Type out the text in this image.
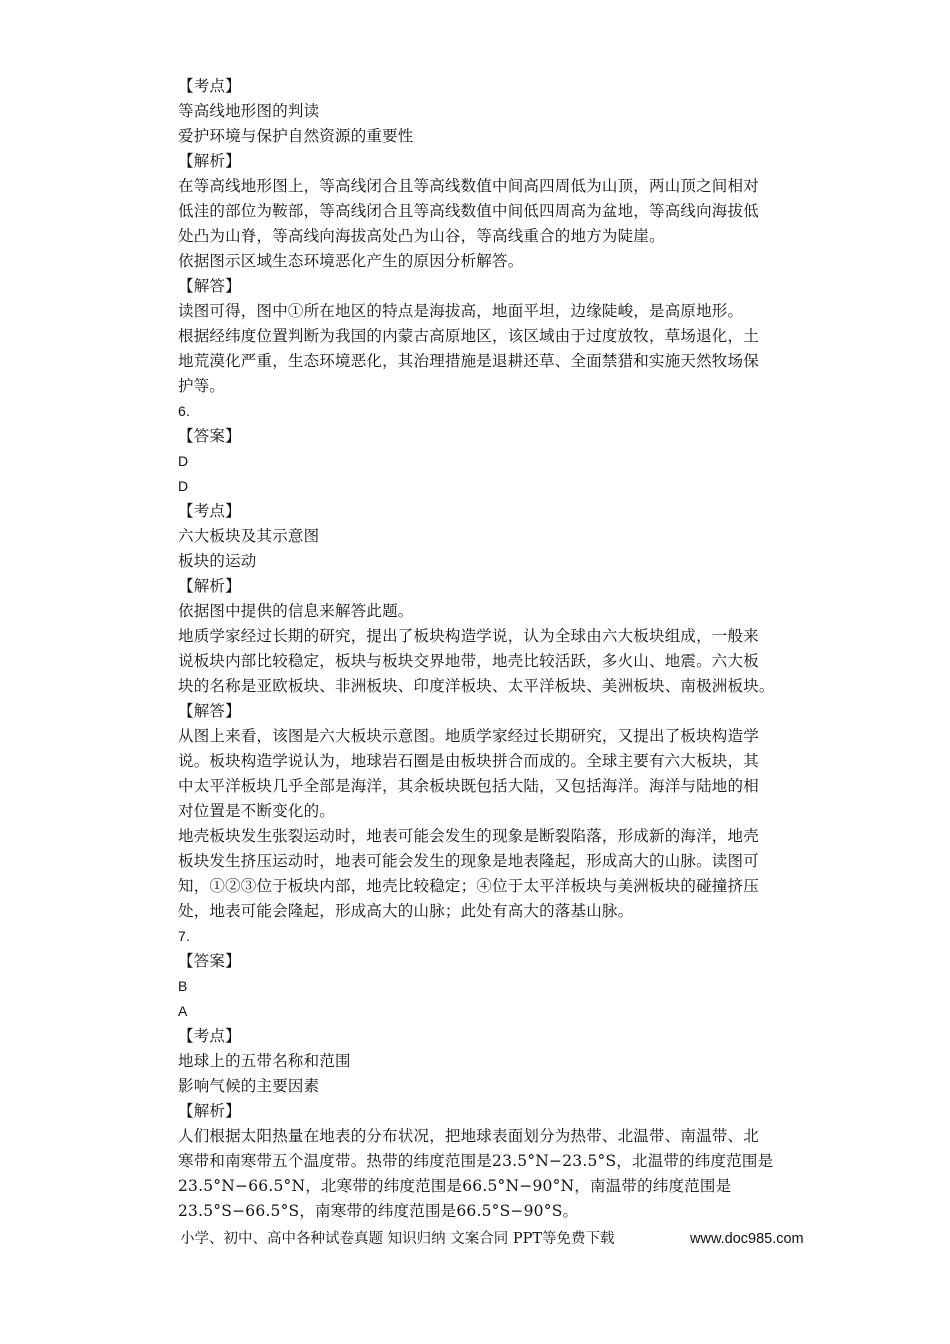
【考点】
等高线地形图的判读
爱护环境与保护自然资源的重要性
【解析】
在等高线地形图上，等高线闭合且等高线数值中间高四周低为山顶，两山顶之间相对
低洼的部位为鞍部，等高线闭合且等高线数值中间低四周高为盆地，等高线向海拔低
处凸为山脊，等高线向海拔高处凸为山谷，等高线重合的地方为陡崖。
依据图示区域生态环境恶化产生的原因分析解答。
【解答】
读图可得，图中①所在地区的特点是海拔高，地面平坦，边缘陡峻，是高原地形。
根据经纬度位置判断为我国的内蒙古高原地区，该区域由于过度放牧，草场退化，土
地荒漠化严重，生态环境恶化，其治理措施是退耕还草、全面禁猎和实施天然牧场保
护等。
6.
【答案】
D
D
【考点】
六大板块及其示意图
板块的运动
【解析】
依据图中提供的信息来解答此题。
地质学家经过长期的研究，提出了板块构造学说，认为全球由六大板块组成，一般来
说板块内部比较稳定，板块与板块交界地带，地壳比较活跃，多火山、地震。六大板
块的名称是亚欧板块、非洲板块、印度洋板块、太平洋板块、美洲板块、南极洲板块。
【解答】
从图上来看，该图是六大板块示意图。地质学家经过长期研究，又提出了板块构造学
说。板块构造学说认为，地球岩石圈是由板块拼合而成的。全球主要有六大板块，其
中太平洋板块几乎全部是海洋，其余板块既包括大陆，又包括海洋。海洋与陆地的相
对位置是不断变化的。
地壳板块发生张裂运动时，地表可能会发生的现象是断裂陷落，形成新的海洋，地壳
板块发生挤压运动时，地表可能会发生的现象是地表隆起，形成高大的山脉。读图可
知，①②③位于板块内部，地壳比较稳定；④位于太平洋板块与美洲板块的碰撞挤压
处，地表可能会隆起，形成高大的山脉；此处有高大的落基山脉。
7.
【答案】
B
A
【考点】
地球上的五带名称和范围
影响气候的主要因素
【解析】
人们根据太阳热量在地表的分布状况，把地球表面划分为热带、北温带、南温带、北
寒带和南寒带五个温度带。热带的纬度范围是23.5°N−23.5°S，北温带的纬度范围是
23.5°N−66.5°N，北寒带的纬度范围是66.5°N−90°N，南温带的纬度范围是
23.5°S−66.5°S，南寒带的纬度范围是66.5°S−90°S。
小学、初中、高中各种试卷真题 知识归纳 文案合同 PPT等免费下载	www.doc985.com
